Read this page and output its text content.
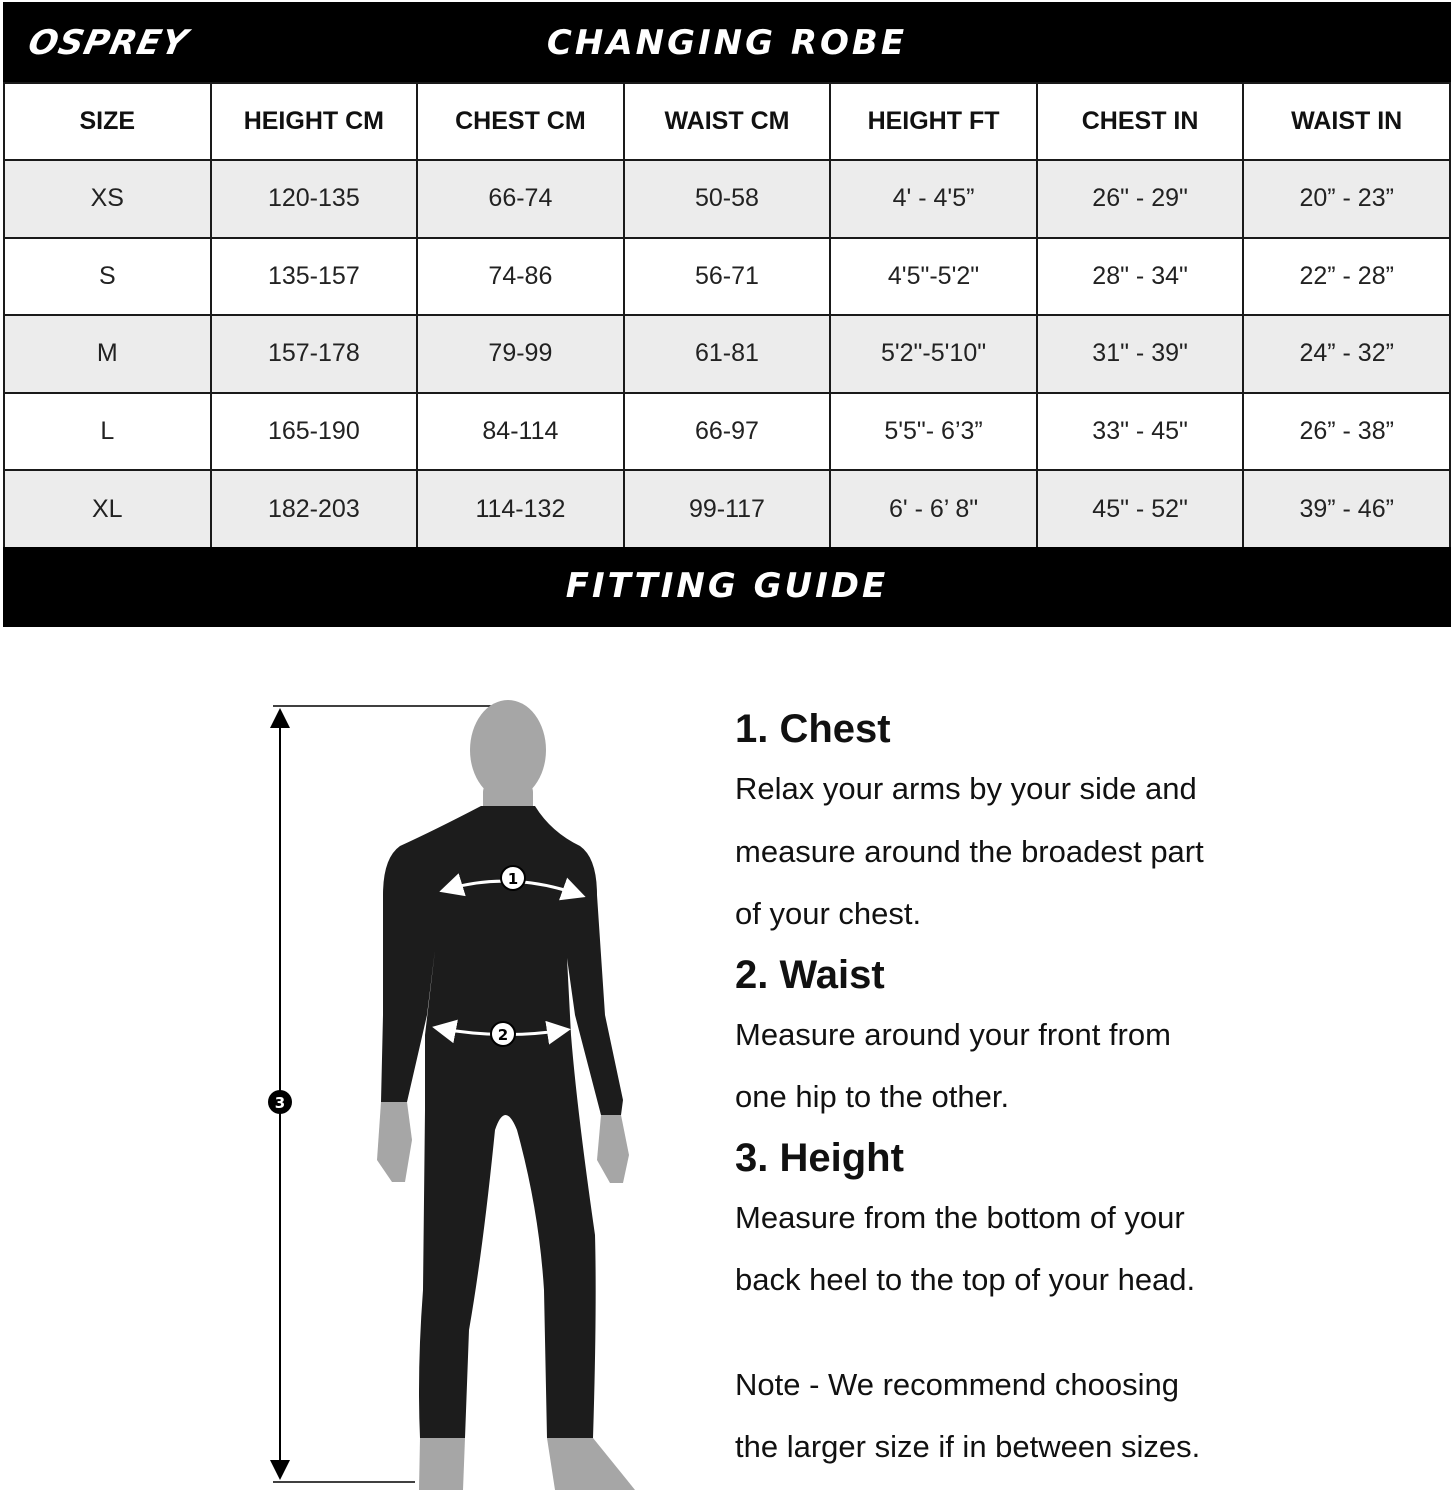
OSPREY	CHANGING ROBE
SIZE	HEIGHT CM	CHEST CM	WAIST CM	HEIGHT FT	CHEST IN	WAIST IN
XS	120-135	66-74	50-58	4' - 4'5”	26" - 29"	20” - 23”
S	135-157	74-86	56-71	4'5"-5'2"	28" - 34"	22” - 28”
M	157-178	79-99	61-81	5'2"-5'10"	31" - 39"	24” - 32”
L	165-190	84-114	66-97	5'5"- 6’3”	33" - 45"	26” - 38”
XL	182-203	114-132	99-117	6' - 6’ 8"	45" - 52"	39” - 46”
FITTING GUIDE
1
2
3
1. Chest
Relax your arms by your side and
measure around the broadest part
of your chest.
2. Waist
Measure around your front from
one hip to the other.
3. Height
Measure from the bottom of your
back heel to the top of your head.
Note - We recommend choosing
the larger size if in between sizes.
